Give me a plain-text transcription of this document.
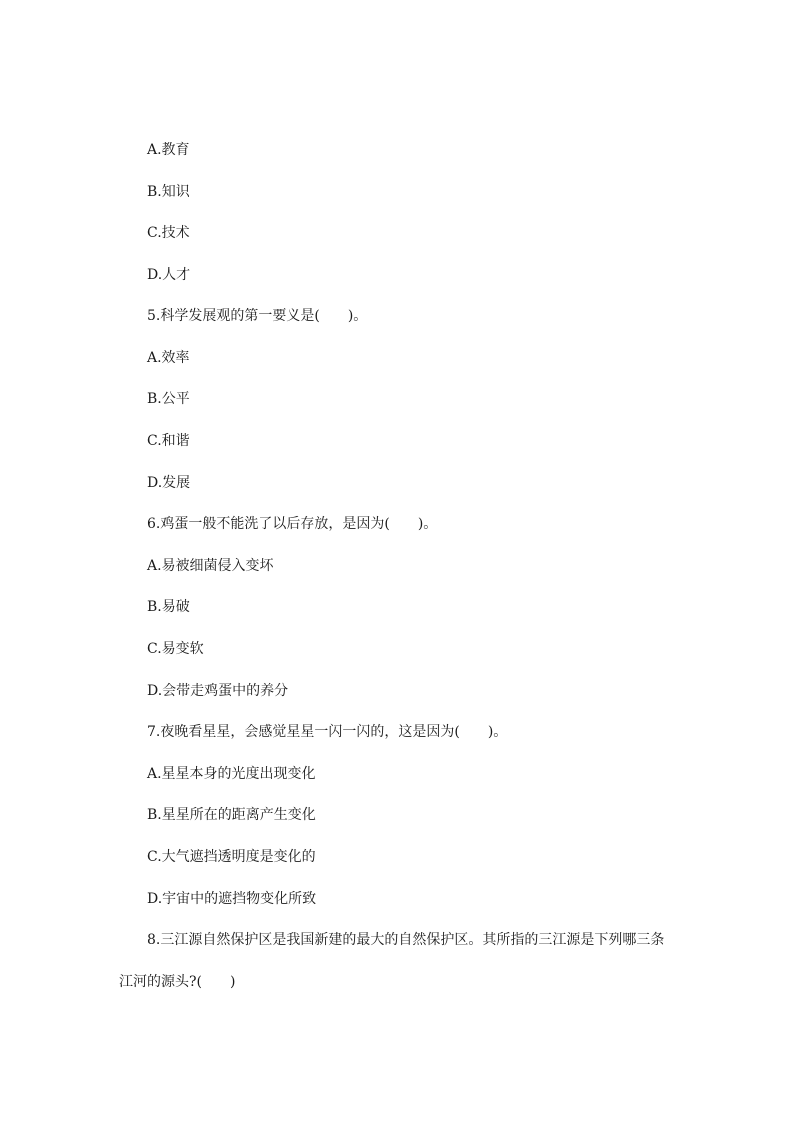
A.教育
B.知识
C.技术
D.人才
5.科学发展观的第一要义是(　　)。
A.效率
B.公平
C.和谐
D.发展
6.鸡蛋一般不能洗了以后存放，是因为(　　)。
A.易被细菌侵入变坏
B.易破
C.易变软
D.会带走鸡蛋中的养分
7.夜晚看星星，会感觉星星一闪一闪的，这是因为(　　)。
A.星星本身的光度出现变化
B.星星所在的距离产生变化
C.大气遮挡透明度是变化的
D.宇宙中的遮挡物变化所致
8.三江源自然保护区是我国新建的最大的自然保护区。其所指的三江源是下列哪三条
江河的源头?(　　)
